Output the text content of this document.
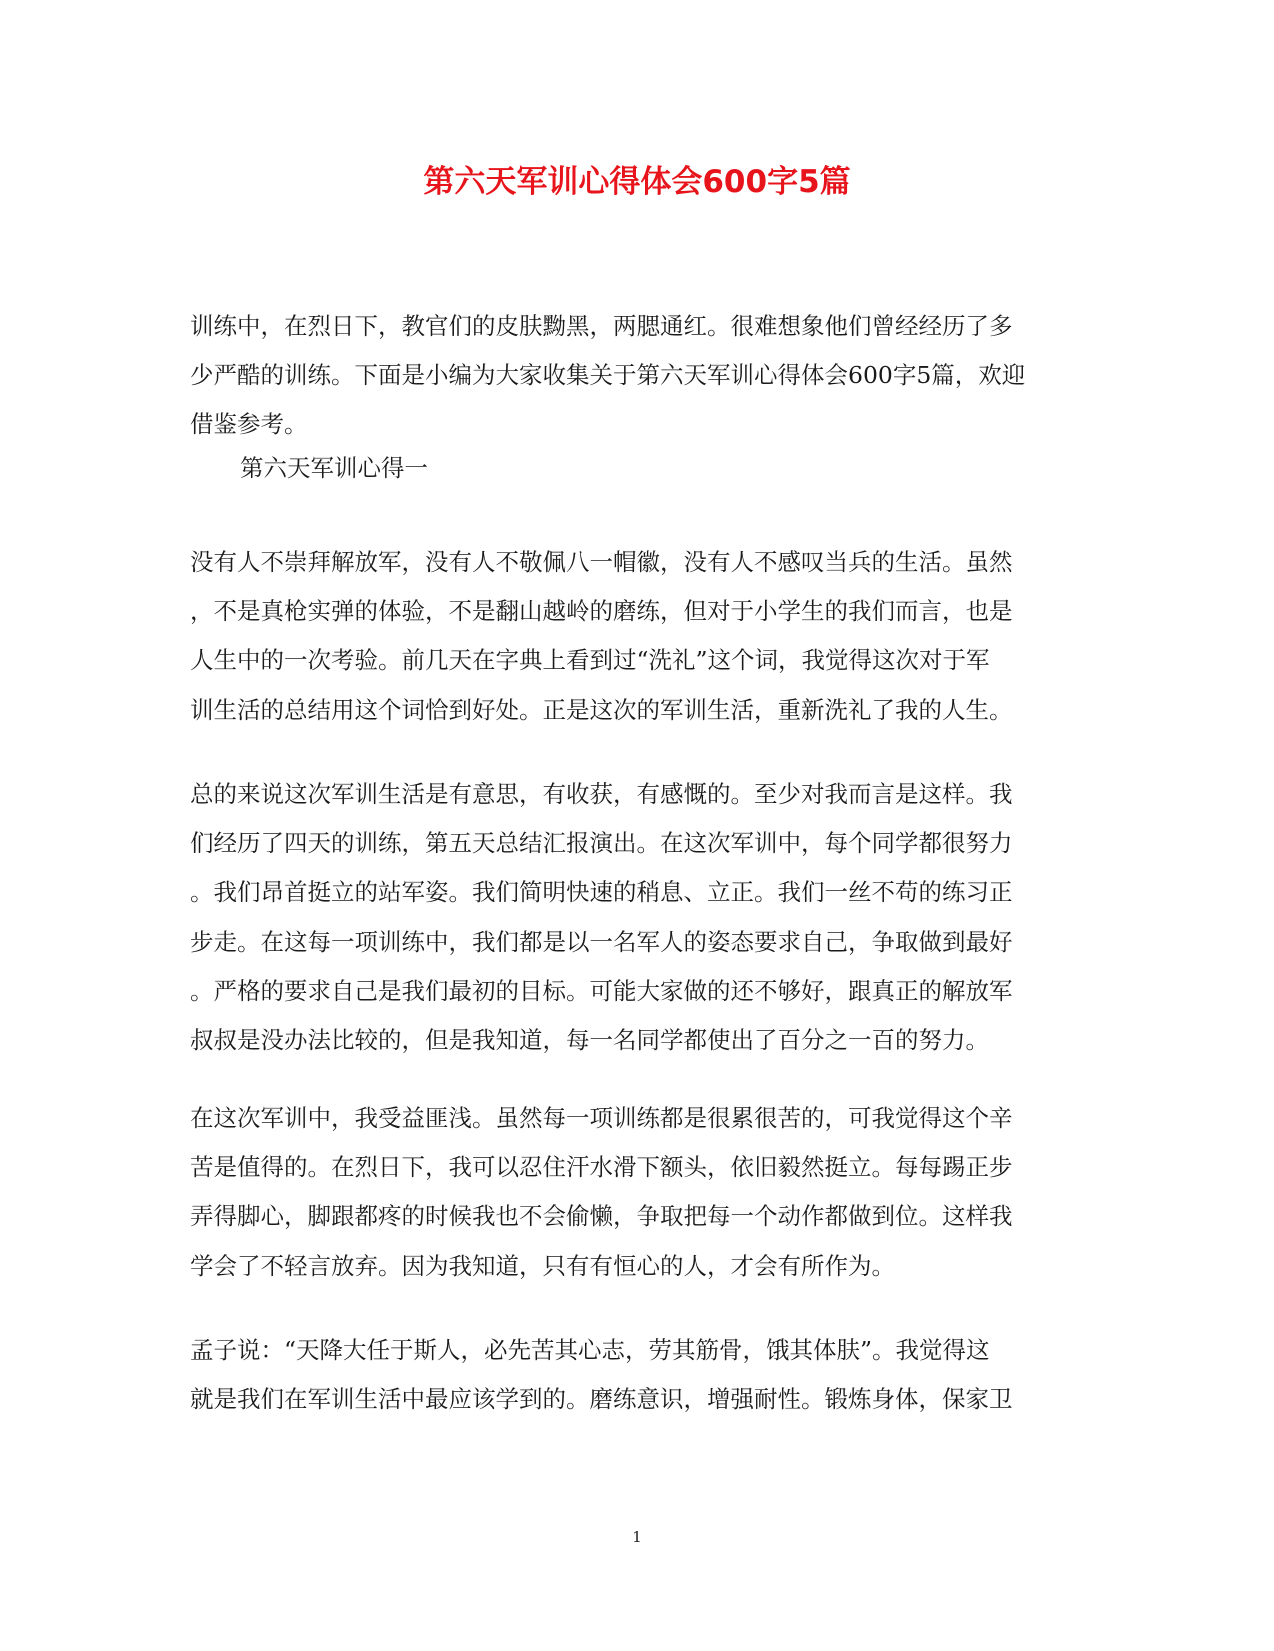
第六天军训心得体会600字5篇
训练中，在烈日下，教官们的皮肤黝黑，两腮通红。很难想象他们曾经经历了多
少严酷的训练。下面是小编为大家收集关于第六天军训心得体会600字5篇，欢迎
借鉴参考。
第六天军训心得一
没有人不崇拜解放军，没有人不敬佩八一帽徽，没有人不感叹当兵的生活。虽然
，不是真枪实弹的体验，不是翻山越岭的磨练，但对于小学生的我们而言，也是
人生中的一次考验。前几天在字典上看到过“洗礼”这个词，我觉得这次对于军
训生活的总结用这个词恰到好处。正是这次的军训生活，重新洗礼了我的人生。
总的来说这次军训生活是有意思，有收获，有感慨的。至少对我而言是这样。我
们经历了四天的训练，第五天总结汇报演出。在这次军训中，每个同学都很努力
。我们昂首挺立的站军姿。我们简明快速的稍息、立正。我们一丝不苟的练习正
步走。在这每一项训练中，我们都是以一名军人的姿态要求自己，争取做到最好
。严格的要求自己是我们最初的目标。可能大家做的还不够好，跟真正的解放军
叔叔是没办法比较的，但是我知道，每一名同学都使出了百分之一百的努力。
在这次军训中，我受益匪浅。虽然每一项训练都是很累很苦的，可我觉得这个辛
苦是值得的。在烈日下，我可以忍住汗水滑下额头，依旧毅然挺立。每每踢正步
弄得脚心，脚跟都疼的时候我也不会偷懒，争取把每一个动作都做到位。这样我
学会了不轻言放弃。因为我知道，只有有恒心的人，才会有所作为。
孟子说：“天降大任于斯人，必先苦其心志，劳其筋骨，饿其体肤”。我觉得这
就是我们在军训生活中最应该学到的。磨练意识，增强耐性。锻炼身体，保家卫
1
